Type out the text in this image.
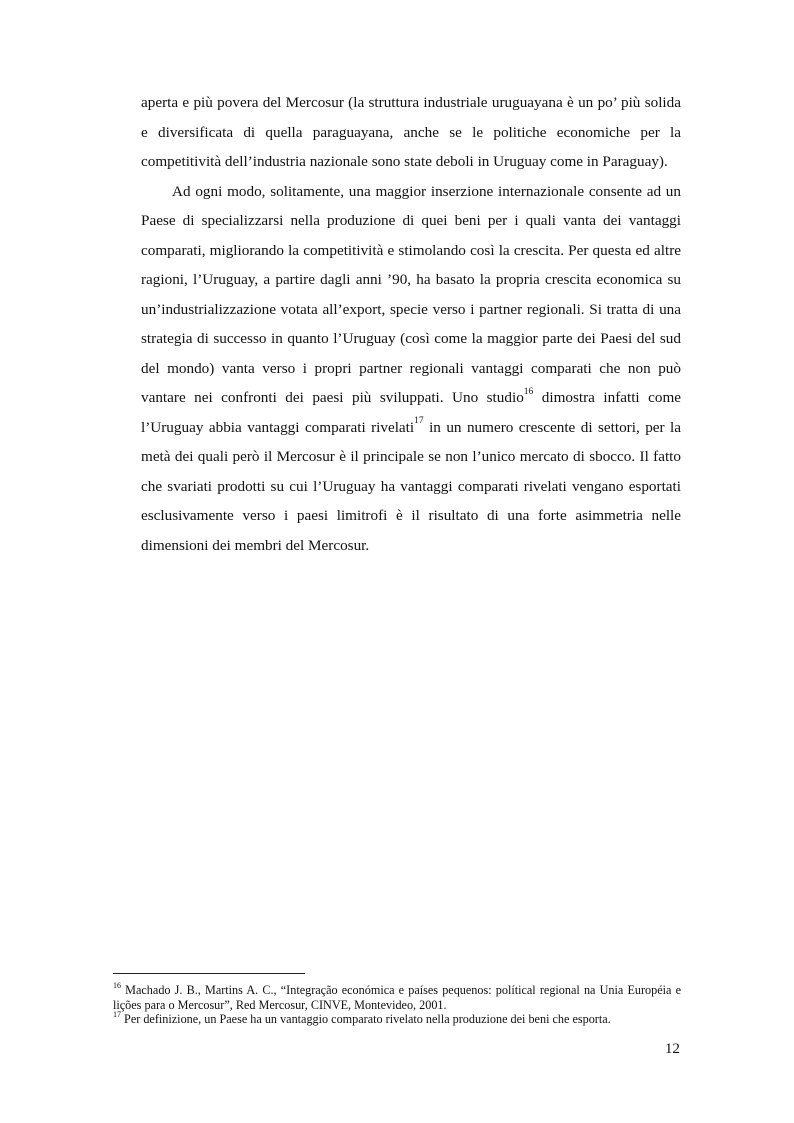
aperta e più povera del Mercosur (la struttura industriale uruguayana è un po’ più solida e diversificata di quella paraguayana, anche se le politiche economiche per la competitività dell’industria nazionale sono state deboli in Uruguay come in Paraguay).

Ad ogni modo, solitamente, una maggior inserzione internazionale consente ad un Paese di specializzarsi nella produzione di quei beni per i quali vanta dei vantaggi comparati, migliorando la competitività e stimolando così la crescita. Per questa ed altre ragioni, l’Uruguay, a partire dagli anni ’90, ha basato la propria crescita economica su un’industrializzazione votata all’export, specie verso i partner regionali. Si tratta di una strategia di successo in quanto l’Uruguay (così come la maggior parte dei Paesi del sud del mondo) vanta verso i propri partner regionali vantaggi comparati che non può vantare nei confronti dei paesi più sviluppati. Uno studio$^{16}$ dimostra infatti come l’Uruguay abbia vantaggi comparati rivelati$^{17}$ in un numero crescente di settori, per la metà dei quali però il Mercosur è il principale se non l’unico mercato di sbocco. Il fatto che svariati prodotti su cui l’Uruguay ha vantaggi comparati rivelati vengano esportati esclusivamente verso i paesi limitrofi è il risultato di una forte asimmetria nelle dimensioni dei membri del Mercosur.

$^{16}$ Machado J. B., Martins A. C., “Integração económica e países pequenos: polítical regional na Unia Européia e lições para o Mercosur”, Red Mercosur, CINVE, Montevideo, 2001.

$^{17}$ Per definizione, un Paese ha un vantaggio comparato rivelato nella produzione dei beni che esporta.

12
